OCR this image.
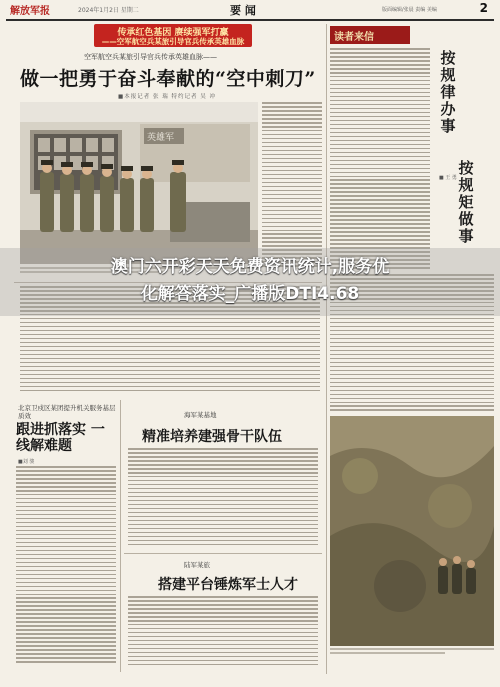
解放军报	2024年1月2日 星期二	要 闻	版面编辑/张晨 责编 美编	2
传承红色基因 赓续强军打赢
——空军航空兵某旅引导官兵传承英雄血脉
空军航空兵某旅引导官兵传承英雄血脉——
做一把勇于奋斗奉献的“空中刺刀”
■本报记者 张 瑞 特约记者 吴 冲
英雄军
读者来信
按规律办事
■ 王 勇
按规矩做事
北京卫戍区某团提升机关服务基层质效
跟进抓落实 一线解难题
■刘 骏
海军某基地
精准培养建强骨干队伍
陆军某旅
搭建平台锤炼军士人才
澳门六开彩天天免费资讯统计,服务优
化解答落实_广播版DTI4.68
